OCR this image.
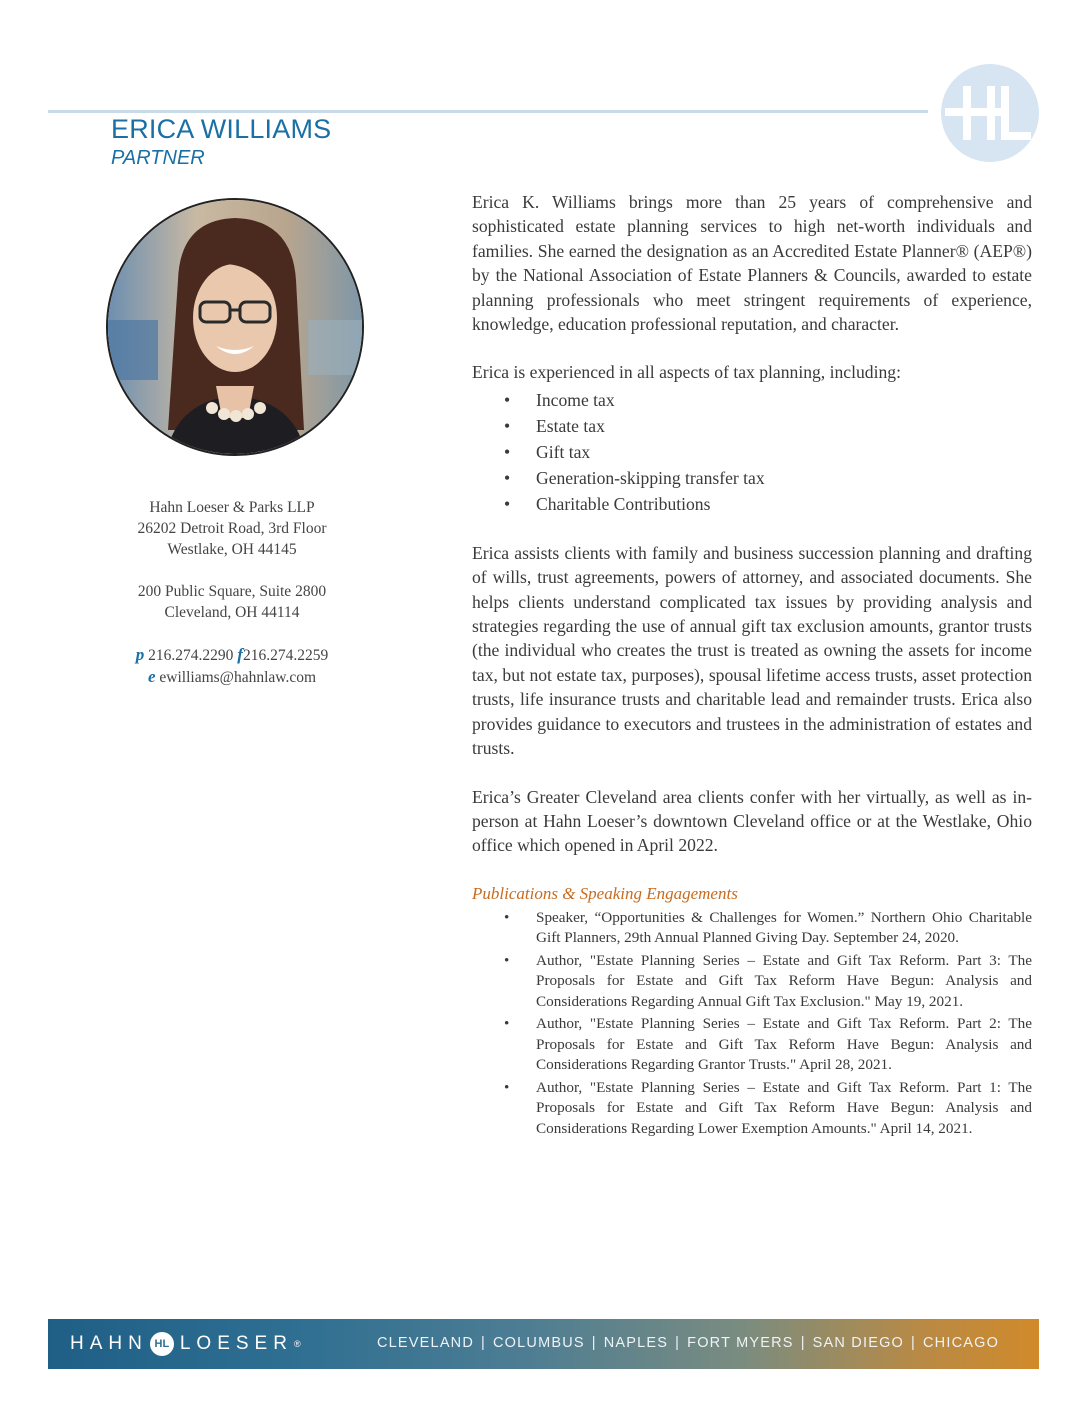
ERICA WILLIAMS
PARTNER
Hahn Loeser & Parks LLP
26202 Detroit Road, 3rd Floor
Westlake, OH 44145
200 Public Square, Suite 2800
Cleveland, OH 44114
p 216.274.2290 f216.274.2259
e ewilliams@hahnlaw.com

Erica K. Williams brings more than 25 years of comprehensive and sophisticated estate planning services to high net-worth individuals and families. She earned the designation as an Accredited Estate Planner® (AEP®) by the National Association of Estate Planners & Councils, awarded to estate planning professionals who meet stringent requirements of experience, knowledge, education professional reputation, and character.

Erica is experienced in all aspects of tax planning, including:

• Income tax
• Estate tax
• Gift tax
• Generation-skipping transfer tax
• Charitable Contributions

Erica assists clients with family and business succession planning and drafting of wills, trust agreements, powers of attorney, and associated documents. She helps clients understand complicated tax issues by providing analysis and strategies regarding the use of annual gift tax exclusion amounts, grantor trusts (the individual who creates the trust is treated as owning the assets for income tax, but not estate tax, purposes), spousal lifetime access trusts, asset protection trusts, life insurance trusts and charitable lead and remainder trusts. Erica also provides guidance to executors and trustees in the administration of estates and trusts.

Erica’s Greater Cleveland area clients confer with her virtually, as well as in-person at Hahn Loeser’s downtown Cleveland office or at the Westlake, Ohio office which opened in April 2022.

Publications & Speaking Engagements

• Speaker, “Opportunities & Challenges for Women.” Northern Ohio Charitable Gift Planners, 29th Annual Planned Giving Day. September 24, 2020.
• Author, "Estate Planning Series – Estate and Gift Tax Reform. Part 3: The Proposals for Estate and Gift Tax Reform Have Begun: Analysis and Considerations Regarding Annual Gift Tax Exclusion." May 19, 2021.
• Author, "Estate Planning Series – Estate and Gift Tax Reform. Part 2: The Proposals for Estate and Gift Tax Reform Have Begun: Analysis and Considerations Regarding Grantor Trusts." April 28, 2021.
• Author, "Estate Planning Series – Estate and Gift Tax Reform. Part 1: The Proposals for Estate and Gift Tax Reform Have Begun: Analysis and Considerations Regarding Lower Exemption Amounts." April 14, 2021.
HAHN HL LOESER ®	CLEVELAND | COLUMBUS | NAPLES | FORT MYERS | SAN DIEGO | CHICAGO
